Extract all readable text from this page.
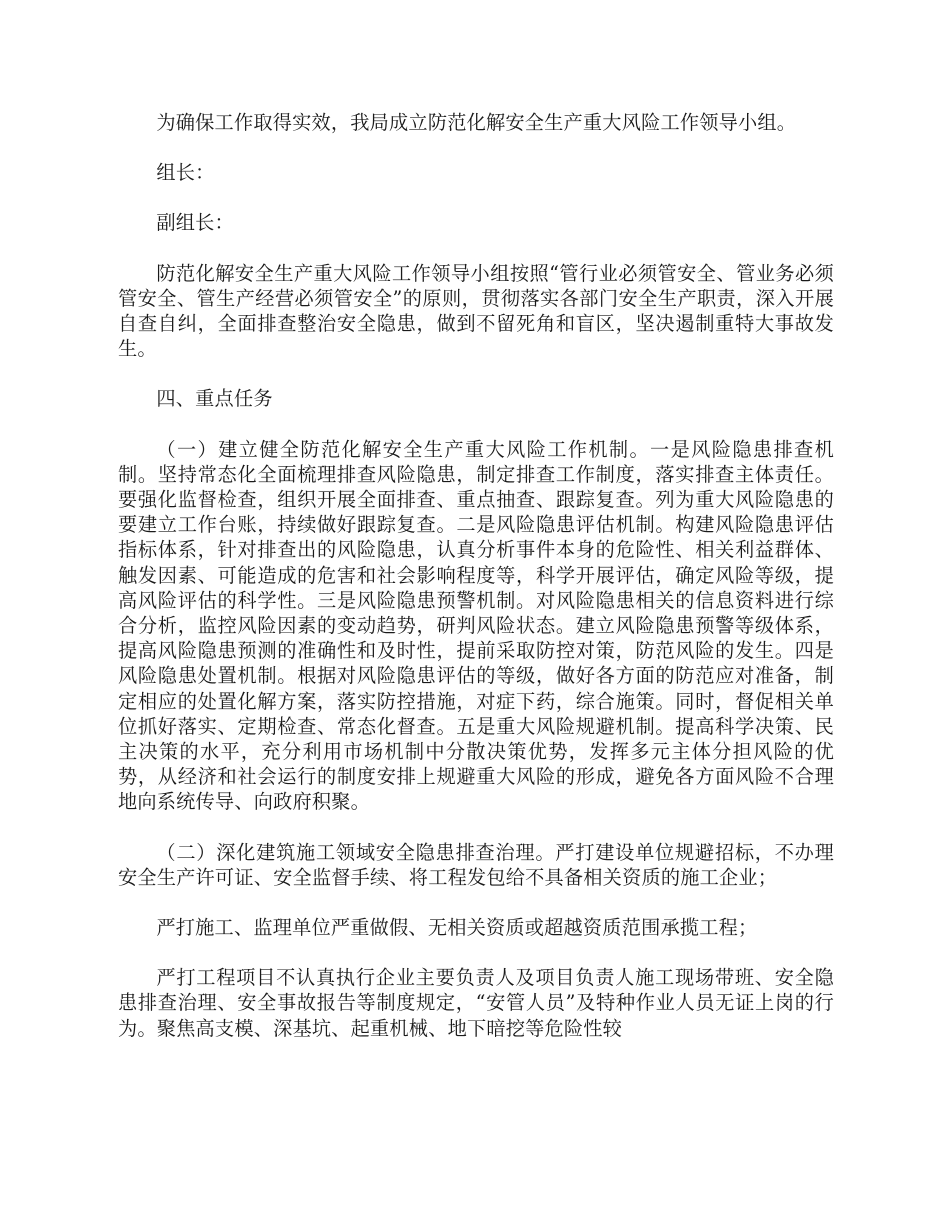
为确保工作取得实效，我局成立防范化解安全生产重大风险工作领导小组。

组长：

副组长：

防范化解安全生产重大风险工作领导小组按照“管行业必须管安全、管业务必须管安全、管生产经营必须管安全”的原则，贯彻落实各部门安全生产职责，深入开展自查自纠，全面排查整治安全隐患，做到不留死角和盲区，坚决遏制重特大事故发生。

四、重点任务

（一）建立健全防范化解安全生产重大风险工作机制。一是风险隐患排查机制。坚持常态化全面梳理排查风险隐患，制定排查工作制度，落实排查主体责任。要强化监督检查，组织开展全面排查、重点抽查、跟踪复查。列为重大风险隐患的要建立工作台账，持续做好跟踪复查。二是风险隐患评估机制。构建风险隐患评估指标体系，针对排查出的风险隐患，认真分析事件本身的危险性、相关利益群体、触发因素、可能造成的危害和社会影响程度等，科学开展评估，确定风险等级，提高风险评估的科学性。三是风险隐患预警机制。对风险隐患相关的信息资料进行综合分析，监控风险因素的变动趋势，研判风险状态。建立风险隐患预警等级体系，提高风险隐患预测的准确性和及时性，提前采取防控对策，防范风险的发生。四是风险隐患处置机制。根据对风险隐患评估的等级，做好各方面的防范应对准备，制定相应的处置化解方案，落实防控措施，对症下药，综合施策。同时，督促相关单位抓好落实、定期检查、常态化督查。五是重大风险规避机制。提高科学决策、民主决策的水平，充分利用市场机制中分散决策优势，发挥多元主体分担风险的优势，从经济和社会运行的制度安排上规避重大风险的形成，避免各方面风险不合理地向系统传导、向政府积聚。

（二）深化建筑施工领域安全隐患排查治理。严打建设单位规避招标，不办理安全生产许可证、安全监督手续、将工程发包给不具备相关资质的施工企业；

严打施工、监理单位严重做假、无相关资质或超越资质范围承揽工程；

严打工程项目不认真执行企业主要负责人及项目负责人施工现场带班、安全隐患排查治理、安全事故报告等制度规定，“安管人员”及特种作业人员无证上岗的行为。聚焦高支模、深基坑、起重机械、地下暗挖等危险性较
